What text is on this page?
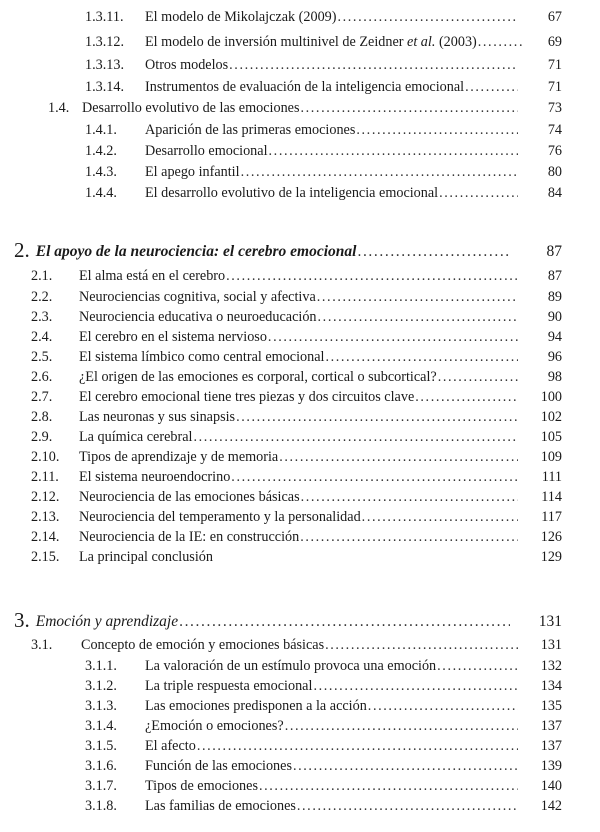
1.3.11.	El modelo de Mikolajczak (2009) .....	67
1.3.12.	El modelo de inversión multinivel de Zeidner et al. (2003) .....	69
1.3.13.	Otros modelos .....	71
1.3.14.	Instrumentos de evaluación de la inteligencia emocional .....	71
1.4. Desarrollo evolutivo de las emociones .....	73
1.4.1.	Aparición de las primeras emociones .....	74
1.4.2.	Desarrollo emocional .....	76
1.4.3.	El apego infantil .....	80
1.4.4.	El desarrollo evolutivo de la inteligencia emocional .....	84
2. El apoyo de la neurociencia: el cerebro emocional .....	87
2.1.	El alma está en el cerebro .....	87
2.2.	Neurociencias cognitiva, social y afectiva .....	89
2.3.	Neurociencia educativa o neuroeducación .....	90
2.4.	El cerebro en el sistema nervioso .....	94
2.5.	El sistema límbico como central emocional .....	96
2.6.	¿El origen de las emociones es corporal, cortical o subcortical? .....	98
2.7.	El cerebro emocional tiene tres piezas y dos circuitos clave .....	100
2.8.	Las neuronas y sus sinapsis .....	102
2.9.	La química cerebral .....	105
2.10.	Tipos de aprendizaje y de memoria .....	109
2.11.	El sistema neuroendocrino .....	111
2.12.	Neurociencia de las emociones básicas .....	114
2.13.	Neurociencia del temperamento y la personalidad .....	117
2.14.	Neurociencia de la IE: en construcción .....	126
2.15.	La principal conclusión	129
3. Emoción y aprendizaje .....	131
3.1.	Concepto de emoción y emociones básicas .....	131
3.1.1.	La valoración de un estímulo provoca una emoción .....	132
3.1.2.	La triple respuesta emocional .....	134
3.1.3.	Las emociones predisponen a la acción .....	135
3.1.4.	¿Emoción o emociones? .....	137
3.1.5.	El afecto .....	137
3.1.6.	Función de las emociones .....	139
3.1.7.	Tipos de emociones .....	140
3.1.8.	Las familias de emociones .....	142
